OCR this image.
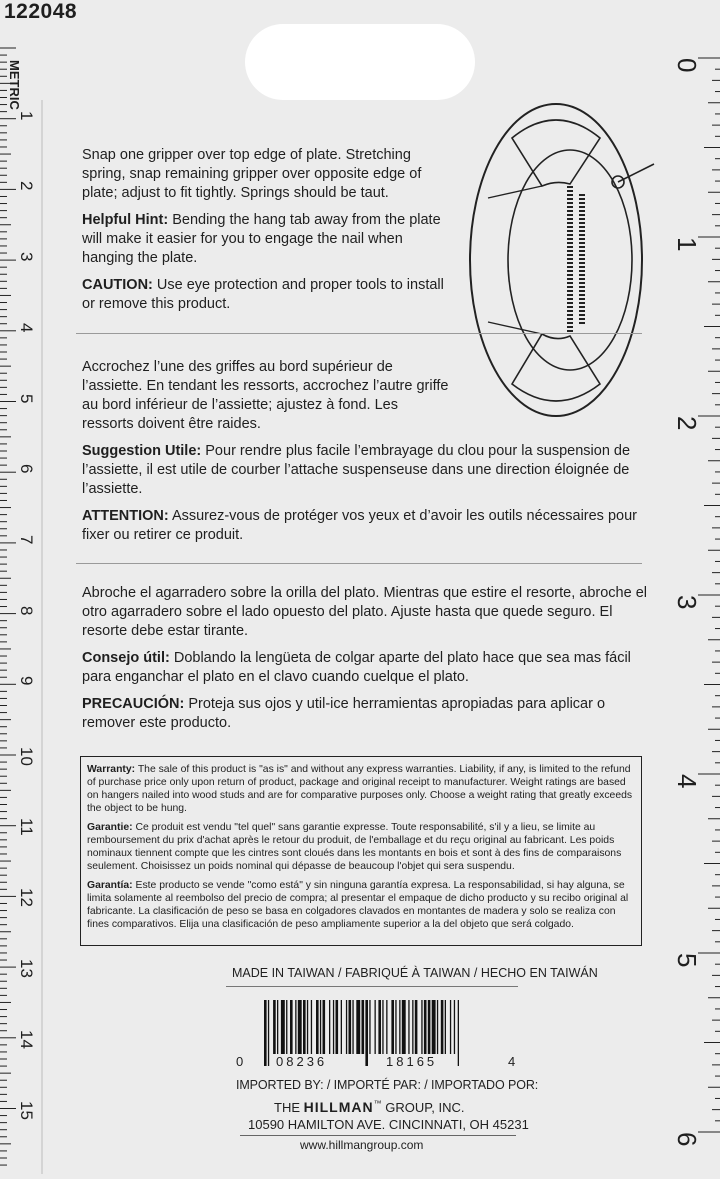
122048
METRIC
1
2
3
4
5
6
7
8
9
10
11
12
13
14
15
0
1
2
3
4
5
6

Snap one gripper over top edge of plate. Stretching spring, snap remaining gripper over opposite edge of plate; adjust to fit tightly. Springs should be taut.

Helpful Hint: Bending the hang tab away from the plate will make it easier for you to engage the nail when hanging the plate.

CAUTION: Use eye protection and proper tools to install or remove this product.

Accrochez l’une des griffes au bord supérieur de l’assiette. En tendant les ressorts, accrochez l’autre griffe au bord inférieur de l’assiette; ajustez à fond. Les ressorts doivent être raides.

Suggestion Utile: Pour rendre plus facile l’embrayage du clou pour la suspension de l’assiette, il est utile de courber l’attache suspenseuse dans une direction éloignée de l’assiette.

ATTENTION: Assurez-vous de protéger vos yeux et d’avoir les outils nécessaires pour fixer ou retirer ce produit.

Abroche el agarradero sobre la orilla del plato. Mientras que estire el resorte, abroche el otro agarradero sobre el lado opuesto del plato. Ajuste hasta que quede seguro. El resorte debe estar tirante.

Consejo útil: Doblando la lengüeta de colgar aparte del plato hace que sea mas fácil para enganchar el plato en el clavo cuando cuelque el plato.

PRECAUCIÓN: Proteja sus ojos y util-ice herramientas apropiadas para aplicar o remover este producto.

Warranty: The sale of this product is "as is" and without any express warranties. Liability, if any, is limited to the refund of purchase price only upon return of product, package and original receipt to manufacturer. Weight ratings are based on hangers nailed into wood studs and are for comparative purposes only. Choose a weight rating that greatly exceeds the object to be hung.

Garantie: Ce produit est vendu "tel quel" sans garantie expresse. Toute responsabilité, s'il y a lieu, se limite au remboursement du prix d'achat après le retour du produit, de l'emballage et du reçu original au fabricant. Les poids nominaux tiennent compte que les cintres sont cloués dans les montants en bois et sont à des fins de comparaisons seulement. Choisissez un poids nominal qui dépasse de beaucoup l'objet qui sera suspendu.

Garantía: Este producto se vende "como está" y sin ninguna garantía expresa. La responsabilidad, si hay alguna, se limita solamente al reembolso del precio de compra; al presentar el empaque de dicho producto y su recibo original al fabricante. La clasificación de peso se basa en colgadores clavados en montantes de madera y solo se realiza con fines comparativos. Elija una clasificación de peso ampliamente superior a la del objeto que será colgado.

MADE IN TAIWAN / FABRIQUÉ À TAIWAN / HECHO EN TAIWÁN
0	08236	18165	4
IMPORTED BY: / IMPORTÉ PAR: / IMPORTADO POR:
THE HILLMAN™ GROUP, INC.
10590 HAMILTON AVE. CINCINNATI, OH 45231
www.hillmangroup.com
